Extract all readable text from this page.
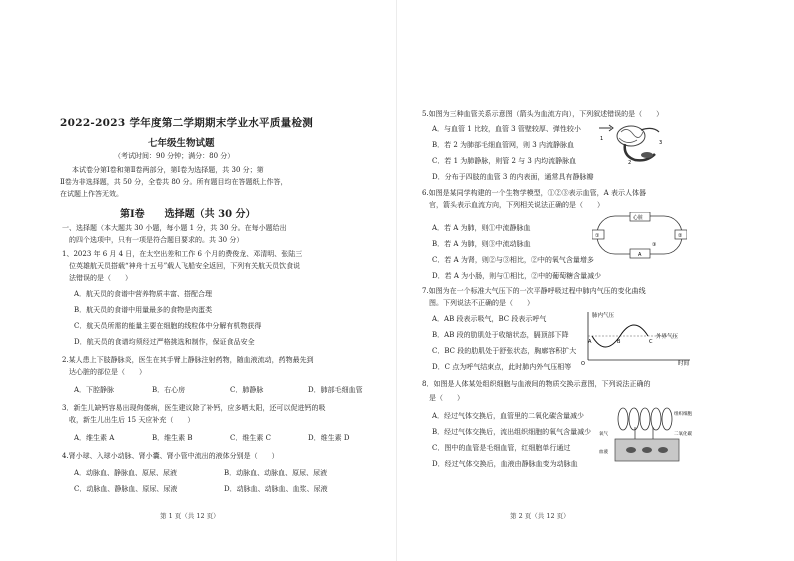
2022-2023 学年度第二学期期末学业水平质量检测
七年级生物试题
（考试时间：90 分钟；满分：80 分）
本试卷分第Ⅰ卷和第Ⅱ卷两部分，第Ⅰ卷为选择题，共 30 分；第
Ⅱ卷为非选择题，共 50 分，全卷共 80 分。所有题目均在答题纸上作答，
在试题上作答无效。
第Ⅰ卷　　选择题（共 30 分）
一、选择题（本大题共 30 小题，每小题 1 分，共 30 分。在每小题给出
　的四个选项中，只有一项是符合题目要求的。共 30 分）
1、2023 年 6 月 4 日，在太空出差和工作 6 个月的费俊龙、邓清明、张陆三
　位英雄航天员搭载“神舟十五号”载人飞船安全返回，下列有关航天员饮食说
　法错误的是（　　）
A．航天员的食谱中营养物质丰富、搭配合理
B．航天员的食谱中用量最多的食物是肉蛋类
C．航天员所需的能量主要在细胞的线粒体中分解有机物获得
D．航天员的食谱均须经过严格挑选和制作，保证食品安全
2.某人患上下肢静脉炎，医生在其手臂上静脉注射药物，随血液流动，药物最先到
　达心脏的部位是（　　）
A．下腔静脉	B．右心房	C．肺静脉	D．肺部毛细血管
3．新生儿缺钙容易出现佝偻病，医生建议除了补钙，应多晒太阳，还可以促进钙的吸
　收，新生儿出生后 15 天应补充（　　）
A．维生素 A	B．维生素 B	C．维生素 C	D．维生素 D
4.肾小球、入球小动脉、肾小囊、肾小管中流出的液体分别是（　　）
A．动脉血、静脉血、原尿、尿液	B．动脉血、动脉血、原尿、尿液
C．动脉血、静脉血、原尿、尿液	D．动脉血、动脉血、血浆、尿液
第 1 页（共 12 页）
5.如图为三种血管关系示意图（箭头为血流方向），下列叙述错误的是（　　）
A．与血管 1 比较，血管 3 管壁较厚、弹性较小
B．若 2 为肺部毛细血管网，则 3 内流静脉血
C．若 1 为肺静脉，则管 2 与 3 内均流静脉血
D．分布于四肢的血管 3 的内表面，通常具有静脉瓣
1
2
3
6.如图是某同学构建的一个生物学模型，①②③表示血管，A 表示人体器
　官，箭头表示血流方向，下列相关说法正确的是（　　）
心脏
①	②
③
A
A．若 A 为肺，则①中流静脉血
B．若 A 为肺，则③中流动脉血
C．若 A 为肾，则②与③相比，②中的氧气含量增多
D．若 A 为小肠，则与①相比，②中的葡萄糖含量减少
7.如图为在一个标准大气压下的一次平静呼吸过程中肺内气压的变化曲线
　图。下列说法不正确的是（　　）
A．AB 段表示吸气，BC 段表示呼气
B．AB 段的肋肌处于收缩状态，膈顶部下降
C．BC 段的肋肌处于舒张状态，胸廓容积扩大
D．C 点为呼气结束点，此时肺内外气压相等
肺内气压
外界气压
时间
A	B	C
O
8．如图是人体某处组织细胞与血液间的物质交换示意图，下列说法正确的
　是（　　）
A．经过气体交换后，血管里的二氧化碳含量减少
B．经过气体交换后，流出组织细胞的氧气含量减少
C．图中的血管是毛细血管，红细胞单行通过
D．经过气体交换后，血液由静脉血变为动脉血
组织细胞
二氧化碳
氧气
血液
第 2 页（共 12 页）
